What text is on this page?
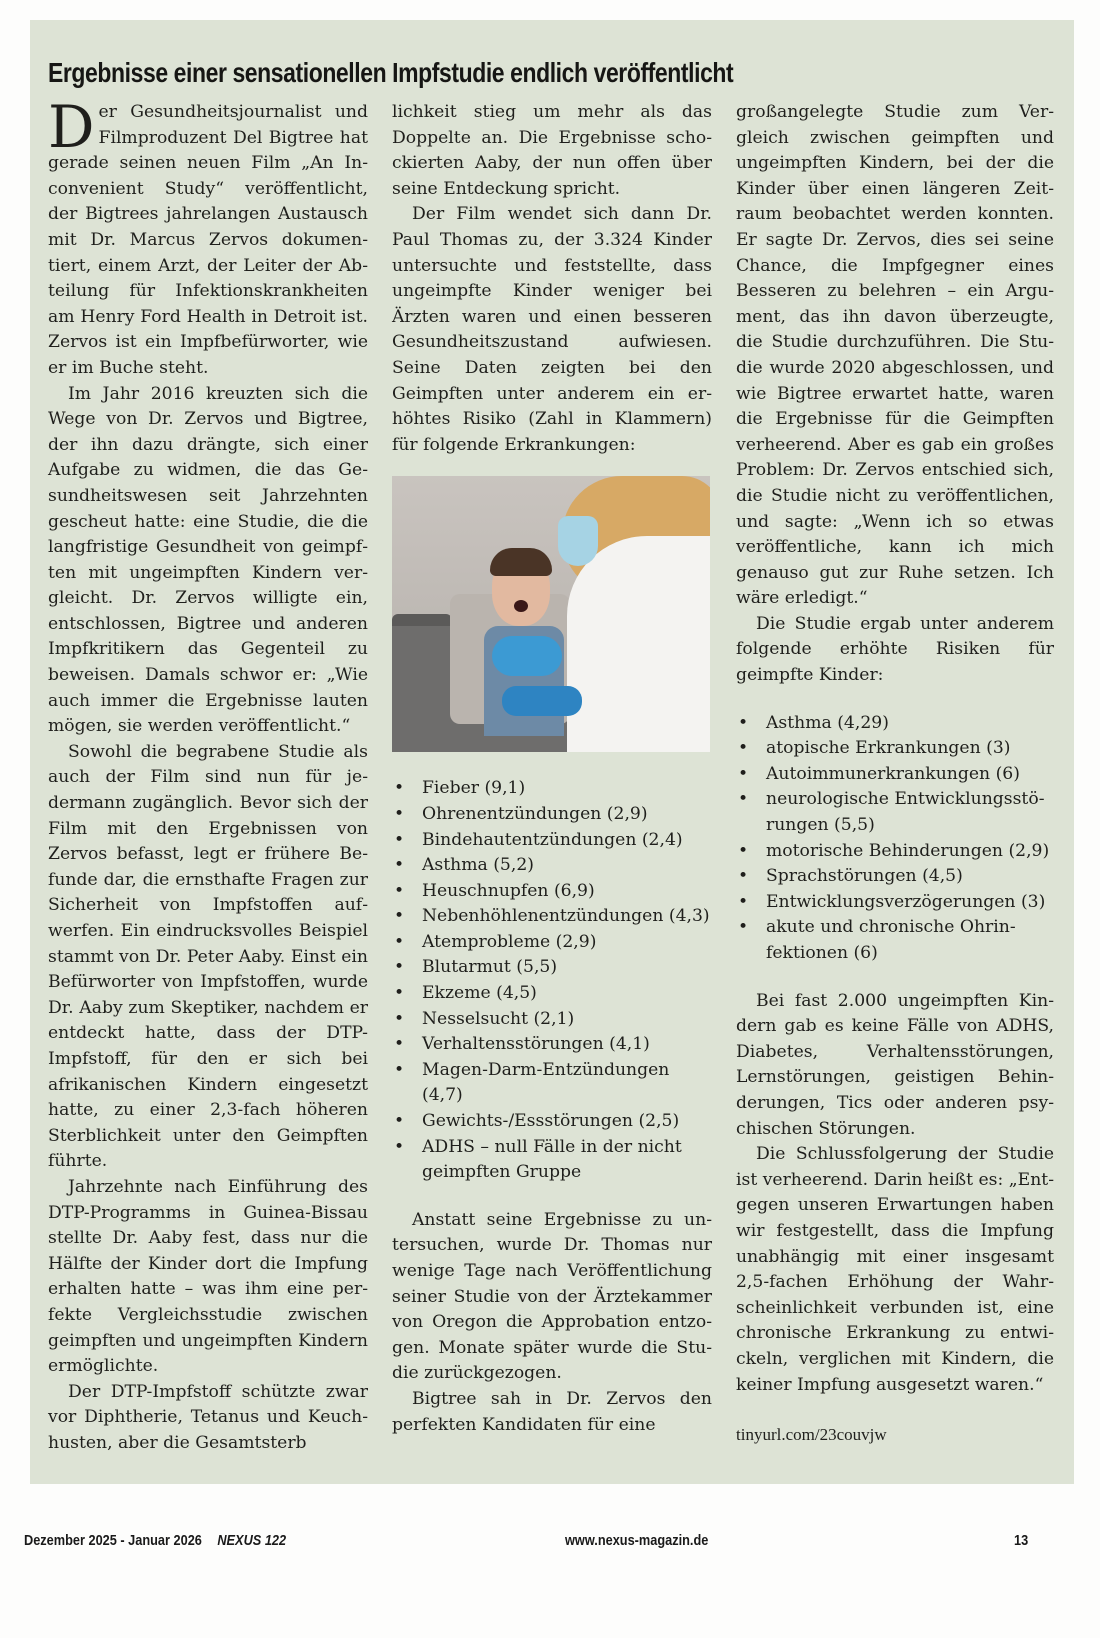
Ergebnisse einer sensationellen Impfstudie endlich veröffentlicht

Der Gesundheitsjournalist und Filmproduzent Del Bigtree hat gerade seinen neuen Film „An Inconvenient Study“ veröffentlicht, der Bigtrees jahrelangen Austausch mit Dr. Marcus Zervos dokumentiert, einem Arzt, der Leiter der Abteilung für Infektionskrankheiten am Henry Ford Health in Detroit ist. Zervos ist ein Impfbefürworter, wie er im Buche steht.

Im Jahr 2016 kreuzten sich die Wege von Dr. Zervos und Bigtree, der ihn dazu drängte, sich einer Aufgabe zu widmen, die das Gesundheitswesen seit Jahrzehnten gescheut hatte: eine Studie, die die langfristige Gesundheit von geimpften mit ungeimpften Kindern vergleicht. Dr. Zervos willigte ein, entschlossen, Bigtree und anderen Impfkritikern das Gegenteil zu beweisen. Damals schwor er: „Wie auch immer die Ergebnisse lauten mögen, sie werden veröffentlicht.“

Sowohl die begrabene Studie als auch der Film sind nun für jedermann zugänglich. Bevor sich der Film mit den Ergebnissen von Zervos befasst, legt er frühere Befunde dar, die ernsthafte Fragen zur Sicherheit von Impfstoffen aufwerfen. Ein eindrucksvolles Beispiel stammt von Dr. Peter Aaby. Einst ein Befürworter von Impfstoffen, wurde Dr. Aaby zum Skeptiker, nachdem er entdeckt hatte, dass der DTP-Impfstoff, für den er sich bei afrikanischen Kindern eingesetzt hatte, zu einer 2,3-fach höheren Sterblichkeit unter den Geimpften führte.

Jahrzehnte nach Einführung des DTP-Programms in Guinea-Bissau stellte Dr. Aaby fest, dass nur die Hälfte der Kinder dort die Impfung erhalten hatte – was ihm eine perfekte Vergleichsstudie zwischen geimpften und ungeimpften Kindern ermöglichte.

Der DTP-Impfstoff schützte zwar vor Diphtherie, Tetanus und Keuchhusten, aber die Gesamtsterb

lichkeit stieg um mehr als das Doppelte an. Die Ergebnisse schockierten Aaby, der nun offen über seine Entdeckung spricht.

Der Film wendet sich dann Dr. Paul Thomas zu, der 3.324 Kinder untersuchte und feststellte, dass ungeimpfte Kinder weniger bei Ärzten waren und einen besseren Gesundheitszustand aufwiesen. Seine Daten zeigten bei den Geimpften unter anderem ein erhöhtes Risiko (Zahl in Klammern) für folgende Erkrankungen:

• Fieber (9,1)
• Ohrenentzündungen (2,9)
• Bindehautentzündungen (2,4)
• Asthma (5,2)
• Heuschnupfen (6,9)
• Nebenhöhlenentzündungen (4,3)
• Atemprobleme (2,9)
• Blutarmut (5,5)
• Ekzeme (4,5)
• Nesselsucht (2,1)
• Verhaltensstörungen (4,1)
• Magen-Darm-Entzündungen (4,7)
• Gewichts-/Essstörungen (2,5)
• ADHS – null Fälle in der nicht geimpften Gruppe

Anstatt seine Ergebnisse zu untersuchen, wurde Dr. Thomas nur wenige Tage nach Veröffentlichung seiner Studie von der Ärztekammer von Oregon die Approbation entzogen. Monate später wurde die Studie zurückgezogen.

Bigtree sah in Dr. Zervos den perfekten Kandidaten für eine

großangelegte Studie zum Vergleich zwischen geimpften und ungeimpften Kindern, bei der die Kinder über einen längeren Zeitraum beobachtet werden konnten. Er sagte Dr. Zervos, dies sei seine Chance, die Impfgegner eines Besseren zu belehren – ein Argument, das ihn davon überzeugte, die Studie durchzuführen. Die Studie wurde 2020 abgeschlossen, und wie Bigtree erwartet hatte, waren die Ergebnisse für die Geimpften verheerend. Aber es gab ein großes Problem: Dr. Zervos entschied sich, die Studie nicht zu veröffentlichen, und sagte: „Wenn ich so etwas veröffentliche, kann ich mich genauso gut zur Ruhe setzen. Ich wäre erledigt.“

Die Studie ergab unter anderem folgende erhöhte Risiken für geimpfte Kinder:

• Asthma (4,29)
• atopische Erkrankungen (3)
• Autoimmunerkrankungen (6)
• neurologische Entwicklungsstörungen (5,5)
• motorische Behinderungen (2,9)
• Sprachstörungen (4,5)
• Entwicklungsverzögerungen (3)
• akute und chronische Ohrinfektionen (6)

Bei fast 2.000 ungeimpften Kindern gab es keine Fälle von ADHS, Diabetes, Verhaltensstörungen, Lernstörungen, geistigen Behinderungen, Tics oder anderen psychischen Störungen.

Die Schlussfolgerung der Studie ist verheerend. Darin heißt es: „Entgegen unseren Erwartungen haben wir festgestellt, dass die Impfung unabhängig mit einer insgesamt 2,5-fachen Erhöhung der Wahrscheinlichkeit verbunden ist, eine chronische Erkrankung zu entwickeln, verglichen mit Kindern, die keiner Impfung ausgesetzt waren.“

tinyurl.com/23couvjw
Dezember 2025 - Januar 2026 NEXUS 122	www.nexus-magazin.de	13
